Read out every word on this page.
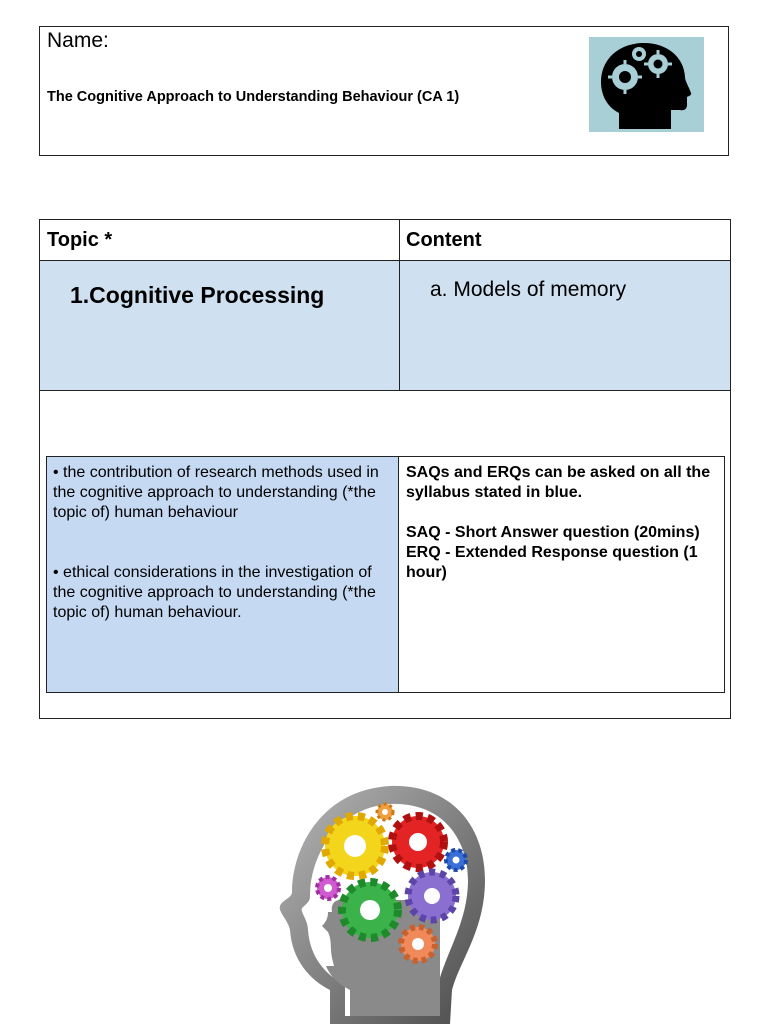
Name:
The Cognitive Approach to Understanding Behaviour (CA 1)
Topic *	Content
1.Cognitive Processing	a. Models of memory

• the contribution of research methods used in the cognitive approach to understanding (*the topic of) human behaviour

• ethical considerations in the investigation of the cognitive approach to understanding (*the topic of) human behaviour.

SAQs and ERQs can be asked on all the syllabus stated in blue.

SAQ - Short Answer question (20mins)

ERQ - Extended Response question (1 hour)
